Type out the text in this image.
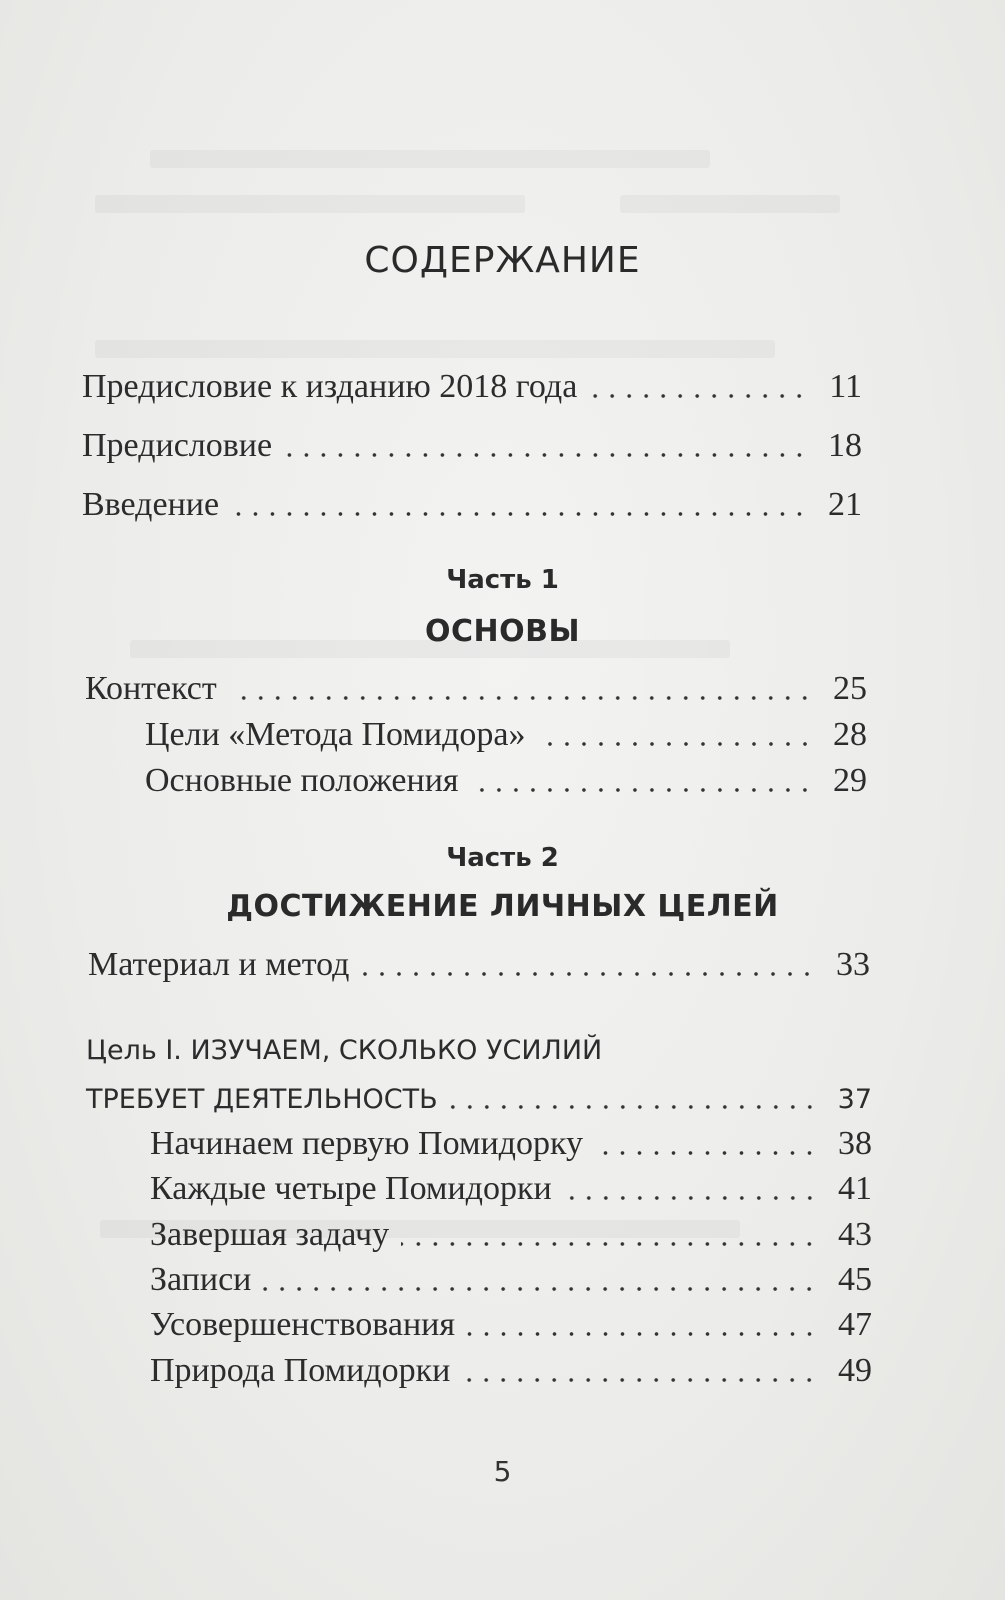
СОДЕРЖАНИЕ
Предисловие к изданию 2018 года	11
Предисловие	18
Введение	21
Часть 1
ОСНОВЫ
Контекст	25
Цели «Метода Помидора»	28
Основные положения	29
Часть 2
ДОСТИЖЕНИЕ ЛИЧНЫХ ЦЕЛЕЙ
Материал и метод	33
Цель I. ИЗУЧАЕМ, СКОЛЬКО УСИЛИЙ
ТРЕБУЕТ ДЕЯТЕЛЬНОСТЬ	37
Начинаем первую Помидорку	38
Каждые четыре Помидорки	41
Завершая задачу	43
Записи	45
Усовершенствования	47
Природа Помидорки	49
5
